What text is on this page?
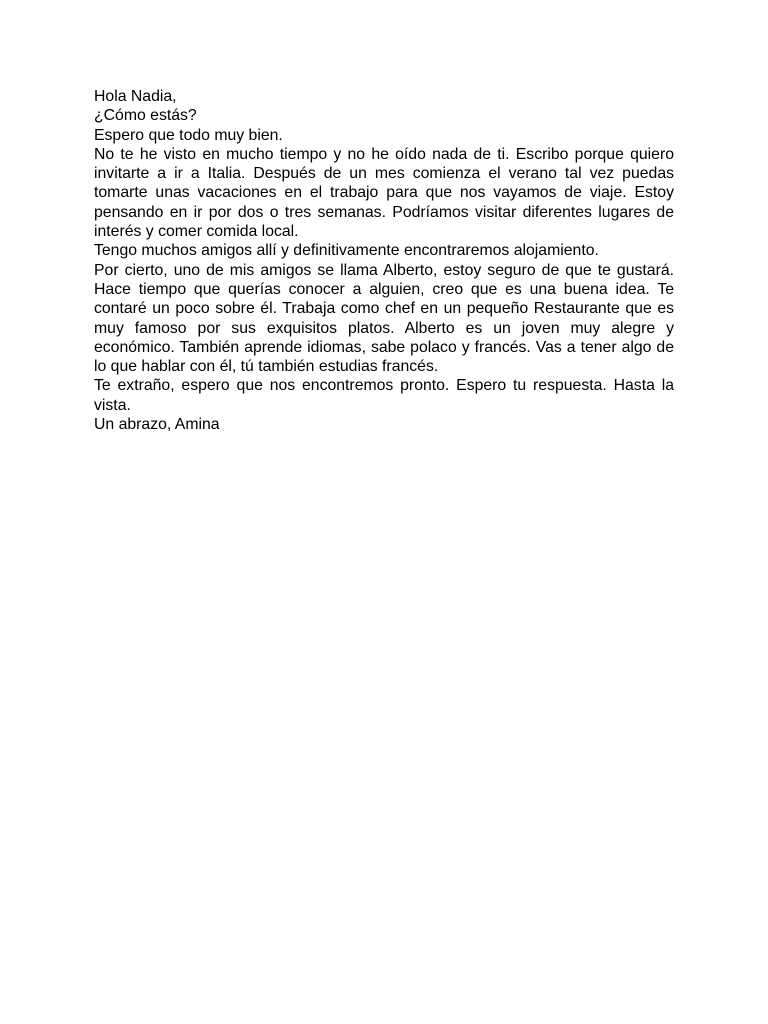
Hola Nadia,

¿Cómo estás?

Espero que todo muy bien.

No te he visto en mucho tiempo y no he oído nada de ti. Escribo porque quiero invitarte a ir a Italia. Después de un mes comienza el verano tal vez puedas tomarte unas vacaciones en el trabajo para que nos vayamos de viaje. Estoy pensando en ir por dos o tres semanas. Podríamos visitar diferentes lugares de interés y comer comida local.

Tengo muchos amigos allí y definitivamente encontraremos alojamiento.

Por cierto, uno de mis amigos se llama Alberto, estoy seguro de que te gustará. Hace tiempo que querías conocer a alguien, creo que es una buena idea. Te contaré un poco sobre él. Trabaja como chef en un pequeño Restaurante que es muy famoso por sus exquisitos platos. Alberto es un joven muy alegre y económico. También aprende idiomas, sabe polaco y francés. Vas a tener algo de lo que hablar con él, tú también estudias francés.

Te extraño, espero que nos encontremos pronto. Espero tu respuesta. Hasta la vista.

Un abrazo, Amina
